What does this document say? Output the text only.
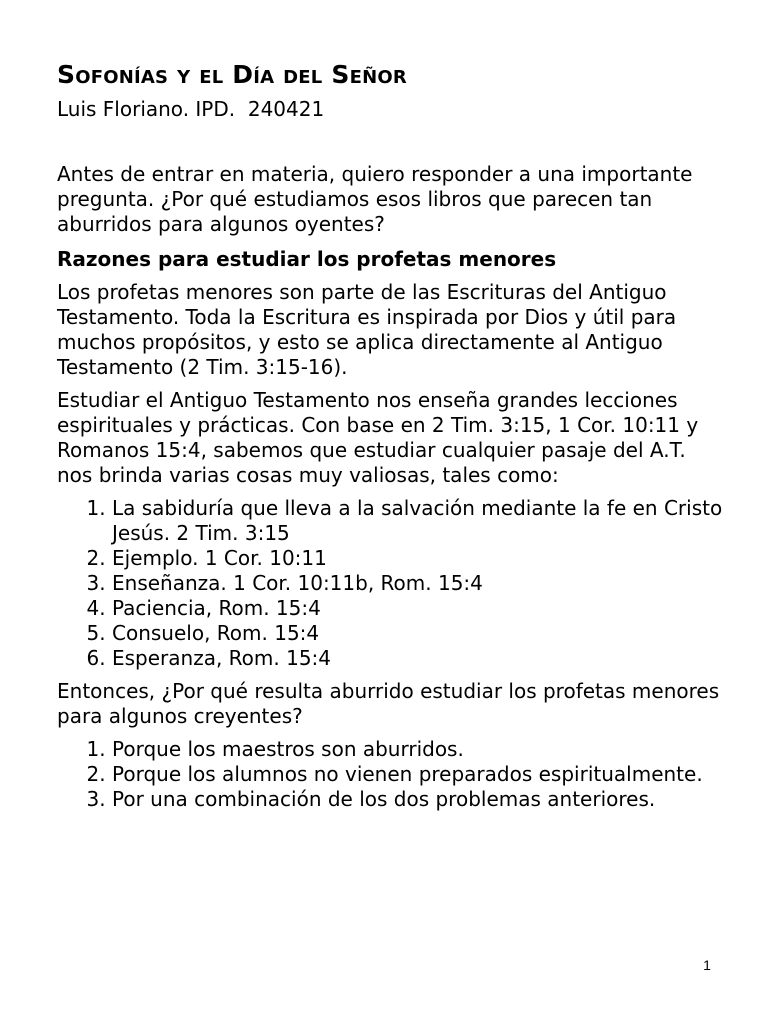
Sofonías y el Día del Señor
Luis Floriano. IPD.  240421

Antes de entrar en materia, quiero responder a una importante pregunta. ¿Por qué estudiamos esos libros que parecen tan aburridos para algunos oyentes?

Razones para estudiar los profetas menores

Los profetas menores son parte de las Escrituras del Antiguo Testamento. Toda la Escritura es inspirada por Dios y útil para muchos propósitos, y esto se aplica directamente al Antiguo Testamento (2 Tim. 3:15-16).

Estudiar el Antiguo Testamento nos enseña grandes lecciones espirituales y prácticas. Con base en 2 Tim. 3:15, 1 Cor. 10:11 y Romanos 15:4, sabemos que estudiar cualquier pasaje del A.T. nos brinda varias cosas muy valiosas, tales como:

1. La sabiduría que lleva a la salvación mediante la fe en Cristo Jesús. 2 Tim. 3:15
2. Ejemplo. 1 Cor. 10:11
3. Enseñanza. 1 Cor. 10:11b, Rom. 15:4
4. Paciencia, Rom. 15:4
5. Consuelo, Rom. 15:4
6. Esperanza, Rom. 15:4

Entonces, ¿Por qué resulta aburrido estudiar los profetas menores para algunos creyentes?

1. Porque los maestros son aburridos.
2. Porque los alumnos no vienen preparados espiritualmente.
3. Por una combinación de los dos problemas anteriores.
1
